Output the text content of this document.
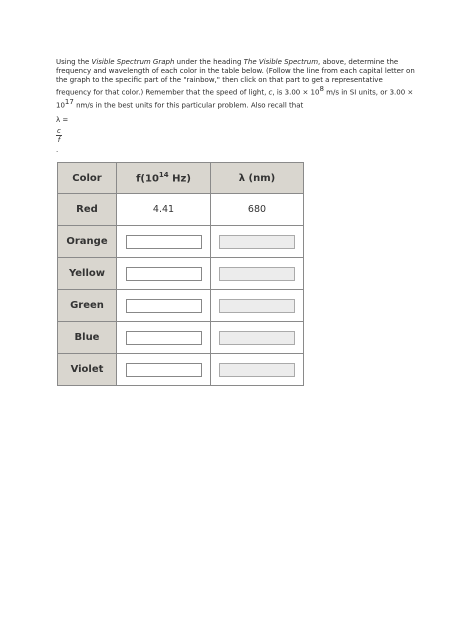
Using the Visible Spectrum Graph under the heading The Visible Spectrum, above, determine the frequency and wavelength of each color in the table below. (Follow the line from each capital letter on the graph to the specific part of the "rainbow," then click on that part to get a representative frequency for that color.) Remember that the speed of light, c, is $3.00 \times 10^8$ m/s in SI units, or $3.00 \times 10^{17}$ nm/s in the best units for this particular problem. Also recall that
λ =
$\frac{c}{f}$
.
Color	$f(10^{14}$ Hz)	λ (nm)
Red	4.41	680
Orange	

Yellow	

Green	

Blue	

Violet	
